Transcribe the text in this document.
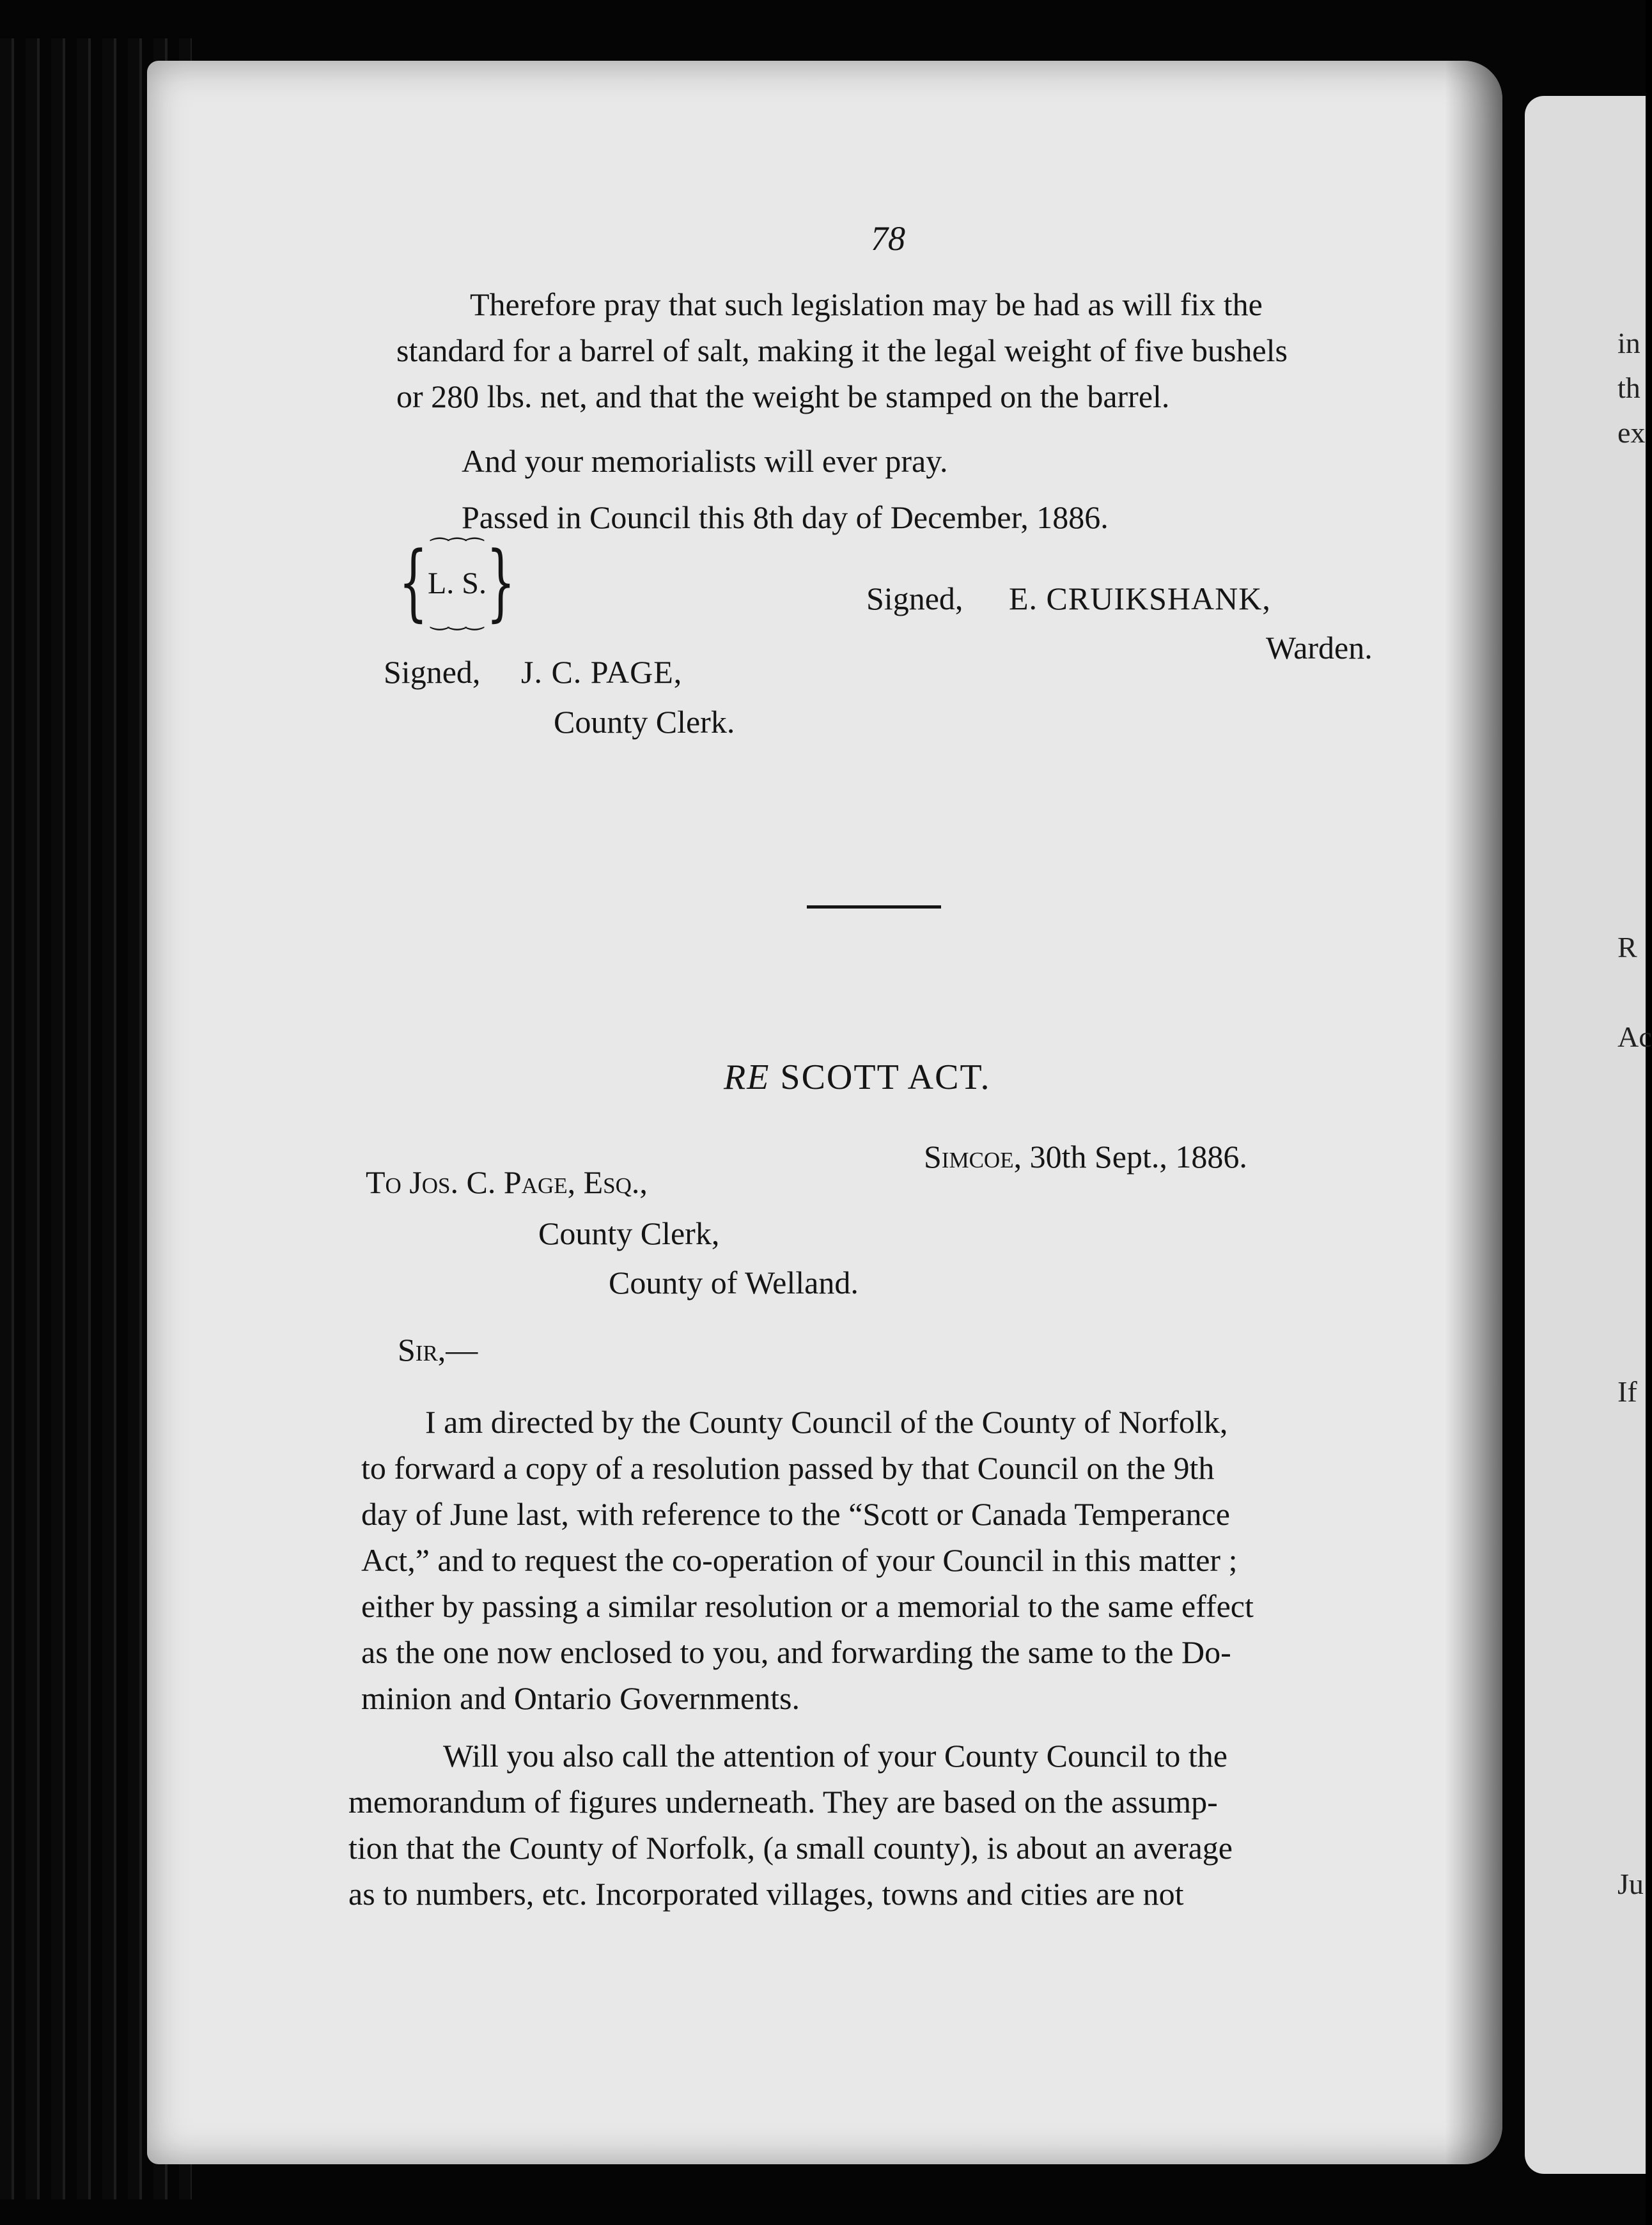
in
th
ex
R
Ac
If
Ju
78
Therefore pray that such legislation may be had as will fix the
standard for a barrel of salt, making it the legal weight of five bushels
or 280 lbs. net, and that the weight be stamped on the barrel.
And your memorialists will ever pray.
Passed in Council this 8th day of December, 1886.
{ ⁀⁀⁀
L. S.
‿‿‿ }	Signed, E. CRUIKSHANK,
Warden.
Signed, J. C. PAGE,
County Clerk.
RE SCOTT ACT.
Simcoe, 30th Sept., 1886.
To Jos. C. Page, Esq.,
County Clerk,
County of Welland.
Sir,—
I am directed by the County Council of the County of Norfolk,
to forward a copy of a resolution passed by that Council on the 9th
day of June last, with reference to the “Scott or Canada Temperance
Act,” and to request the co-operation of your Council in this matter ;
either by passing a similar resolution or a memorial to the same effect
as the one now enclosed to you, and forwarding the same to the Do-
minion and Ontario Governments.
Will you also call the attention of your County Council to the
memorandum of figures underneath. They are based on the assump-
tion that the County of Norfolk, (a small county), is about an average
as to numbers, etc. Incorporated villages, towns and cities are not
